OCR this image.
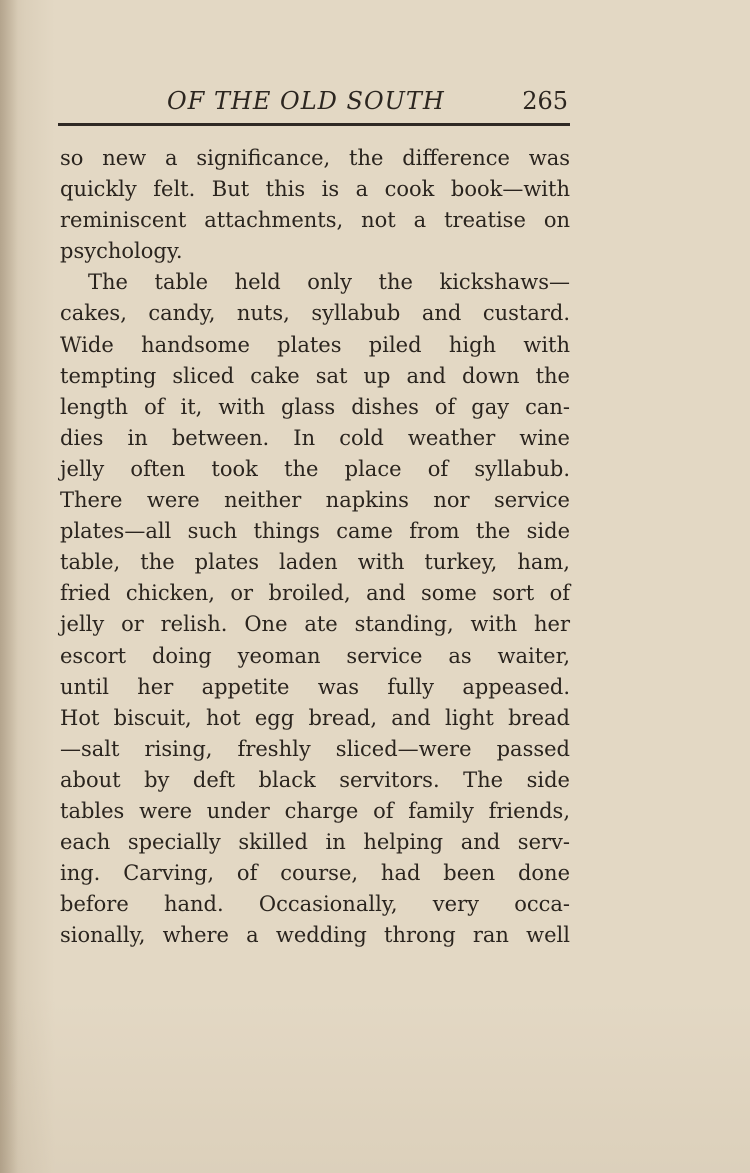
OF THE OLD SOUTH	265
so new a significance, the difference was
quickly felt. But this is a cook book—with
reminiscent attachments, not a treatise on
psychology.
The table held only the kickshaws—
cakes, candy, nuts, syllabub and custard.
Wide handsome plates piled high with
tempting sliced cake sat up and down the
length of it, with glass dishes of gay can-
dies in between. In cold weather wine
jelly often took the place of syllabub.
There were neither napkins nor service
plates—all such things came from the side
table, the plates laden with turkey, ham,
fried chicken, or broiled, and some sort of
jelly or relish. One ate standing, with her
escort doing yeoman service as waiter,
until her appetite was fully appeased.
Hot biscuit, hot egg bread, and light bread
—salt rising, freshly sliced—were passed
about by deft black servitors. The side
tables were under charge of family friends,
each specially skilled in helping and serv-
ing. Carving, of course, had been done
before hand. Occasionally, very occa-
sionally, where a wedding throng ran well
